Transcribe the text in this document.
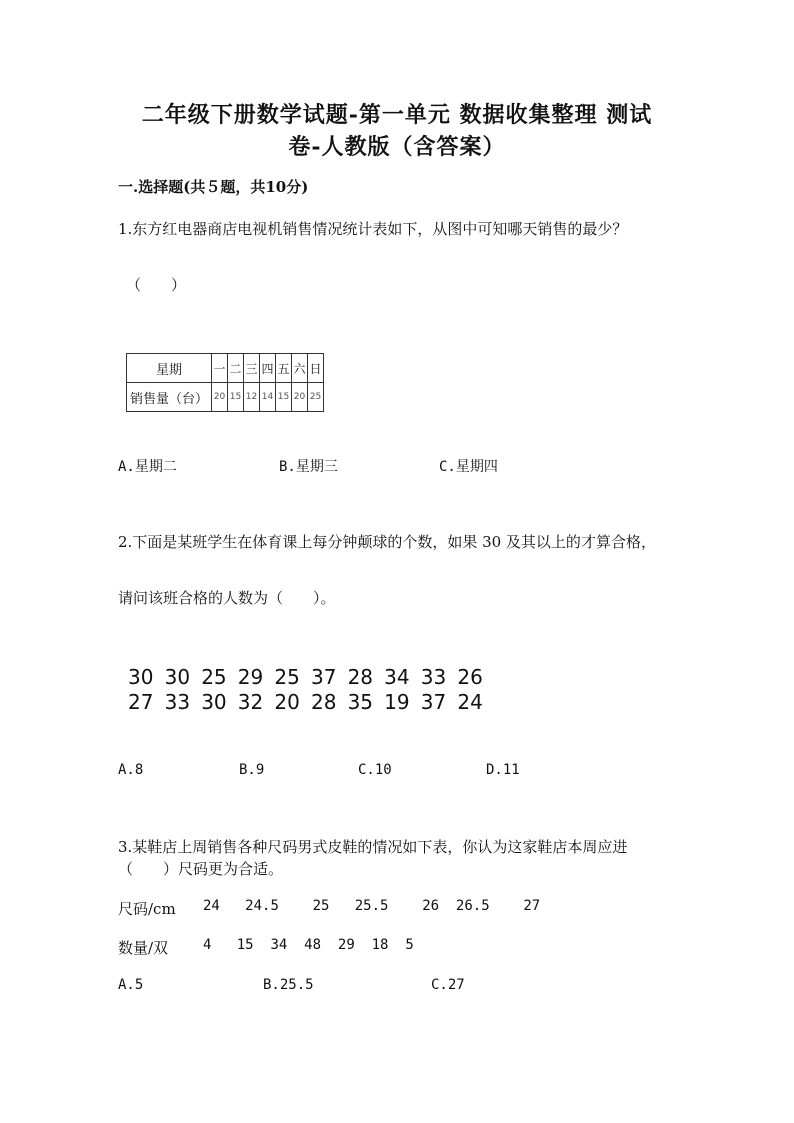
二年级下册数学试题-第一单元 数据收集整理 测试
卷-人教版（含答案）
一.选择题(共５题，共10分)
1.东方红电器商店电视机销售情况统计表如下，从图中可知哪天销售的最少？
（　　）
星期	一	二	三	四	五	六	日
销售量（台）	20	15	12	14	15	20	25
A.星期二	B.星期三	C.星期四
2.下面是某班学生在体育课上每分钟颠球的个数，如果 30 及其以上的才算合格，
请问该班合格的人数为（　　）。
30 30 25 29 25 37 28 34 33 26
27 33 30 32 20 28 35 19 37 24
A.8	B.9	C.10	D.11
3.某鞋店上周销售各种尺码男式皮鞋的情况如下表，你认为这家鞋店本周应进
（　　）尺码更为合适。
尺码/cm 24 24.5 25 25.5 26 26.5 27
数量/双 4 15 34 48 29 18 5
A.5	B.25.5	C.27
